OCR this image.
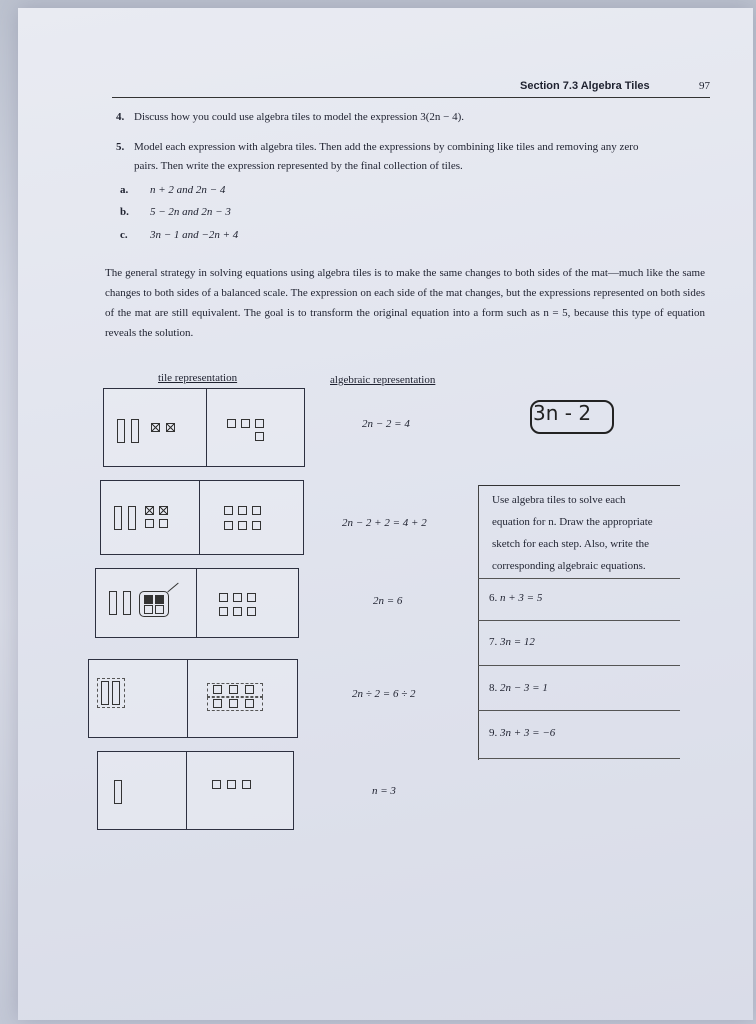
Section 7.3 Algebra Tiles	97
4. Discuss how you could use algebra tiles to model the expression 3(2n − 4).
5. Model each expression with algebra tiles. Then add the expressions by combining like tiles and removing any zero
pairs. Then write the expression represented by the final collection of tiles.
a. n + 2 and 2n − 4
b. 5 − 2n and 2n − 3
c. 3n − 1 and −2n + 4
The general strategy in solving equations using algebra tiles is to make the same changes to both sides of the mat—much like the same changes to both sides of a balanced scale. The expression on each side of the mat changes, but the expressions represented on both sides of the mat are still equivalent. The goal is to transform the original equation into a form such as n = 5, because this type of equation reveals the solution.
tile representation	algebraic representation
2n − 2 = 4
2n − 2 + 2 = 4 + 2
2n = 6
2n ÷ 2 = 6 ÷ 2
n = 3
3n - 2
Use algebra tiles to solve each
equation for n. Draw the appropriate
sketch for each step. Also, write the
corresponding algebraic equations.
6. n + 3 = 5
7. 3n = 12
8. 2n − 3 = 1
9. 3n + 3 = −6
